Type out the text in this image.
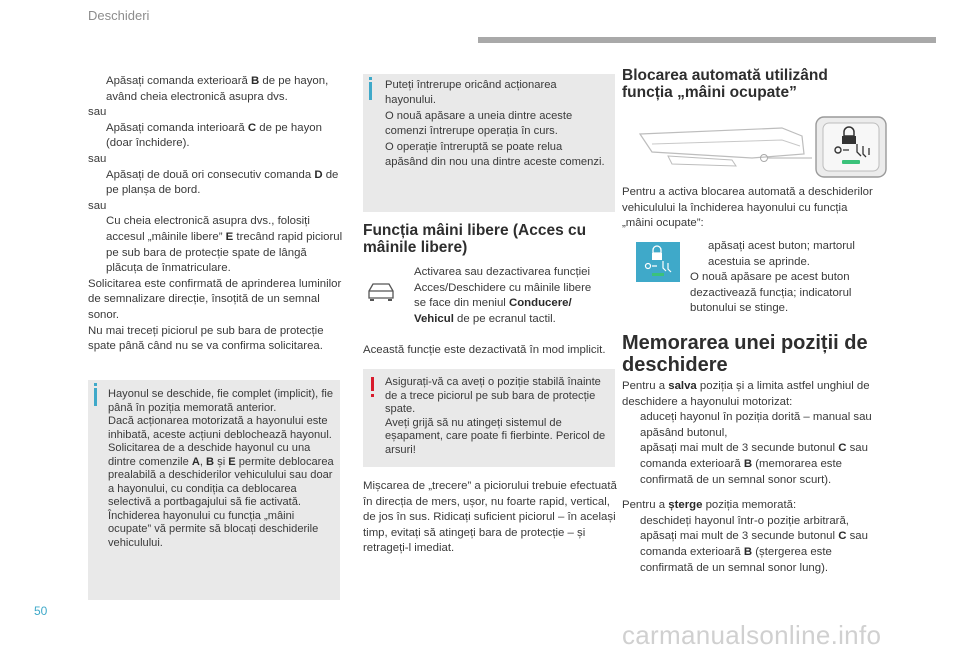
Deschideri

Apăsați comanda exterioară B de pe hayon, având cheia electronică asupra dvs.

sau

Apăsați comanda interioară C de pe hayon (doar închidere).

sau

Apăsați de două ori consecutiv comanda D de pe planșa de bord.

sau

Cu cheia electronică asupra dvs., folosiți accesul „mâinile libere” E trecând rapid piciorul pe sub bara de protecție spate de lângă plăcuța de înmatriculare.

Solicitarea este confirmată de aprinderea luminilor de semnalizare direcție, însoțită de un semnal sonor.

Nu mai treceți piciorul pe sub bara de protecție spate până când nu se va confirma solicitarea.

Hayonul se deschide, fie complet (implicit), fie până în poziția memorată anterior.

Dacă acționarea motorizată a hayonului este inhibată, aceste acțiuni deblochează hayonul.

Solicitarea de a deschide hayonul cu una dintre comenzile A, B și E permite deblocarea prealabilă a deschiderilor vehiculului sau doar a hayonului, cu condiția ca deblocarea selectivă a portbagajului să fie activată.

Închiderea hayonului cu funcția „mâini ocupate” vă permite să blocați deschiderile vehiculului.

Puteți întrerupe oricând acționarea hayonului.

O nouă apăsare a uneia dintre aceste comenzi întrerupe operația în curs.

O operație întreruptă se poate relua apăsând din nou una dintre aceste comenzi.

Funcția mâini libere (Acces cu mâinile libere)
Activarea sau dezactivarea funcției Acces/Deschidere cu mâinile libere se face din meniul Conducere/ Vehicul de pe ecranul tactil.
Această funcție este dezactivată în mod implicit.

Asigurați-vă ca aveți o poziție stabilă înainte de a trece piciorul pe sub bara de protecție spate.

Aveți grijă să nu atingeți sistemul de eșapament, care poate fi fierbinte. Pericol de arsuri!

Mișcarea de „trecere” a piciorului trebuie efectuată în direcția de mers, ușor, nu foarte rapid, vertical, de jos în sus. Ridicați suficient piciorul – în același timp, evitați să atingeți bara de protecție – și retrageți-l imediat.
Blocarea automată utilizând funcția „mâini ocupate”
Pentru a activa blocarea automată a deschiderilor vehiculului la închiderea hayonului cu funcția „mâini ocupate”:

apăsați acest buton; martorul acestuia se aprinde.

O nouă apăsare pe acest buton dezactivează funcția; indicatorul butonului se stinge.

Memorarea unei poziții de deschidere

Pentru a salva poziția și a limita astfel unghiul de deschidere a hayonului motorizat:

aduceți hayonul în poziția dorită – manual sau apăsând butonul,

apăsați mai mult de 3 secunde butonul C sau comanda exterioară B (memorarea este confirmată de un semnal sonor scurt).

Pentru a șterge poziția memorată:

deschideți hayonul într-o poziție arbitrară,

apăsați mai mult de 3 secunde butonul C sau comanda exterioară B (ștergerea este confirmată de un semnal sonor lung).

50
carmanualsonline.info
